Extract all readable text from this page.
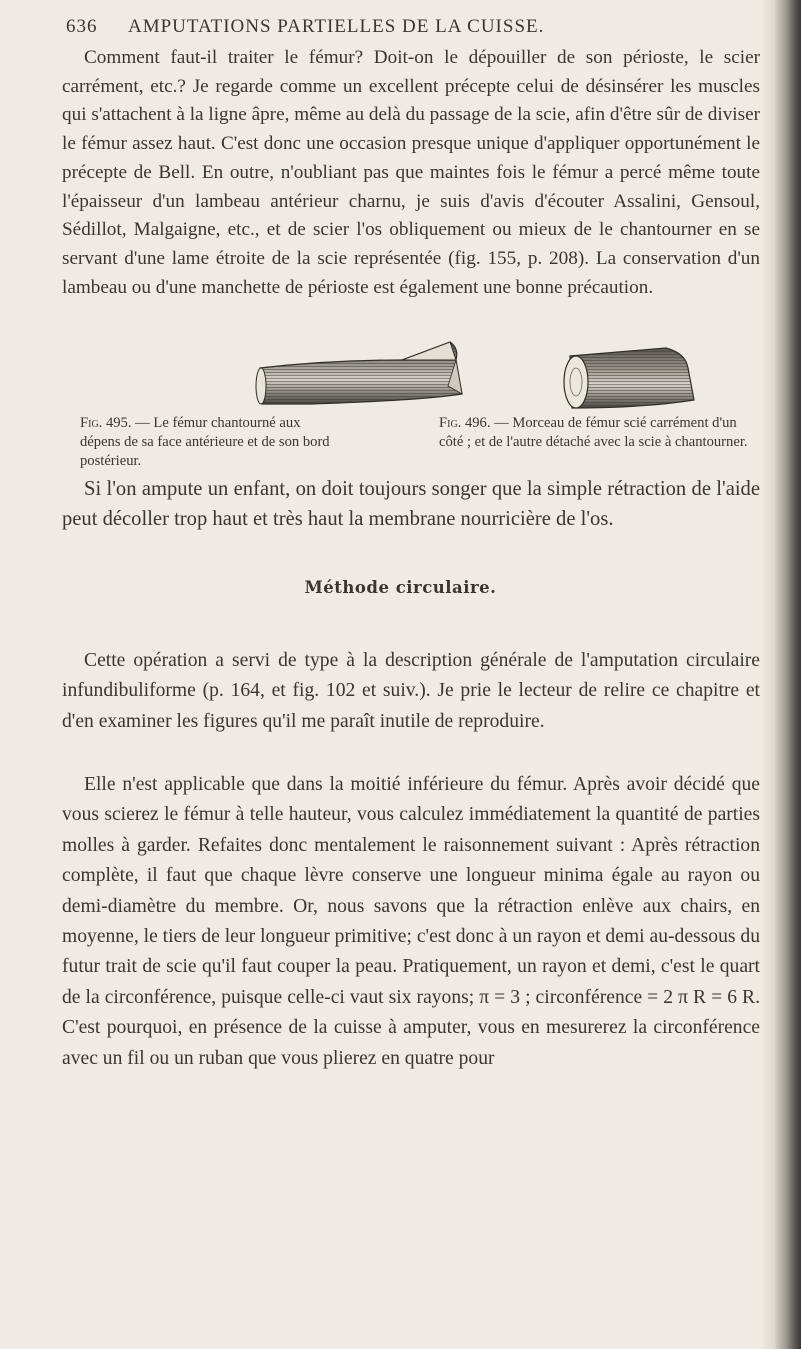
636 AMPUTATIONS PARTIELLES DE LA CUISSE.

Comment faut-il traiter le fémur? Doit-on le dépouiller de son périoste, le scier carrément, etc.? Je regarde comme un excellent précepte celui de désinsérer les muscles qui s'attachent à la ligne âpre, même au delà du passage de la scie, afin d'être sûr de diviser le fémur assez haut. C'est donc une occasion presque unique d'appliquer opportunément le précepte de Bell. En outre, n'oubliant pas que maintes fois le fémur a percé même toute l'épaisseur d'un lambeau antérieur charnu, je suis d'avis d'écouter Assalini, Gensoul, Sédillot, Malgaigne, etc., et de scier l'os obliquement ou mieux de le chantourner en se servant d'une lame étroite de la scie représentée (fig. 155, p. 208). La conservation d'un lambeau ou d'une manchette de périoste est également une bonne précaution.

Fig. 495. — Le fémur chantourné aux dépens de sa face antérieure et de son bord postérieur.

Fig. 496. — Morceau de fémur scié carrément d'un côté ; et de l'autre détaché avec la scie à chantourner.

Si l'on ampute un enfant, on doit toujours songer que la simple rétraction de l'aide peut décoller trop haut et très haut la membrane nourricière de l'os.

Méthode circulaire.

Cette opération a servi de type à la description générale de l'amputation circulaire infundibuliforme (p. 164, et fig. 102 et suiv.). Je prie le lecteur de relire ce chapitre et d'en examiner les figures qu'il me paraît inutile de reproduire.

Elle n'est applicable que dans la moitié inférieure du fémur. Après avoir décidé que vous scierez le fémur à telle hauteur, vous calculez immédiatement la quantité de parties molles à garder. Refaites donc mentalement le raisonnement suivant : Après rétraction complète, il faut que chaque lèvre conserve une longueur minima égale au rayon ou demi-diamètre du membre. Or, nous savons que la rétraction enlève aux chairs, en moyenne, le tiers de leur longueur primitive; c'est donc à un rayon et demi au-dessous du futur trait de scie qu'il faut couper la peau. Pratiquement, un rayon et demi, c'est le quart de la circonférence, puisque celle-ci vaut six rayons; π = 3 ; circonférence = 2 π R = 6 R. C'est pourquoi, en présence de la cuisse à amputer, vous en mesurerez la circonférence avec un fil ou un ruban que vous plierez en quatre pour
